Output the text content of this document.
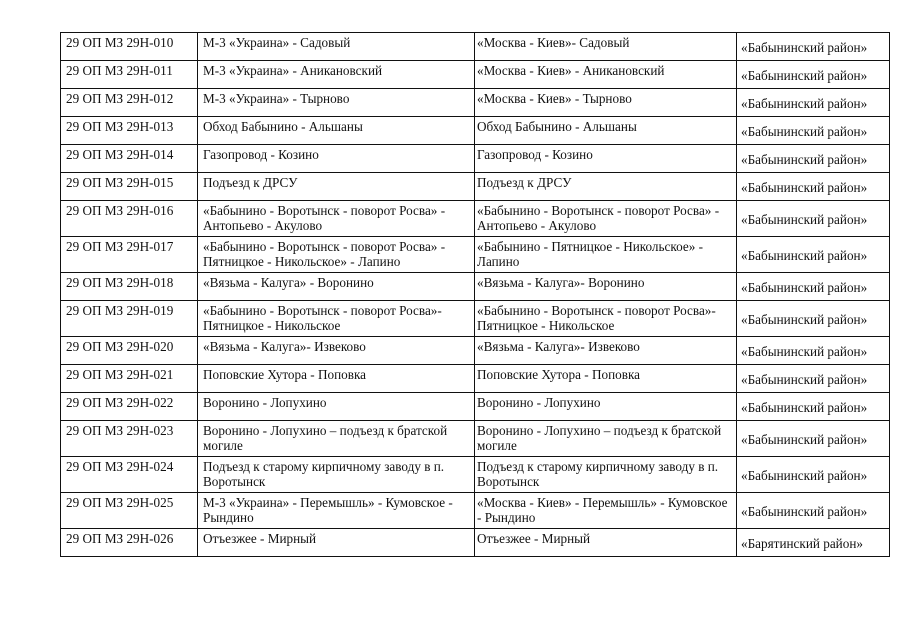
29 ОП МЗ 29Н-010	М-3 «Украина» - Садовый	«Москва - Киев»- Садовый	«Бабынинский район»
29 ОП МЗ 29Н-011	М-3 «Украина» - Аникановский	«Москва - Киев» - Аникановский	«Бабынинский район»
29 ОП МЗ 29Н-012	М-3 «Украина» - Тырново	«Москва - Киев» - Тырново	«Бабынинский район»
29 ОП МЗ 29Н-013	Обход Бабынино - Альшаны	Обход Бабынино - Альшаны	«Бабынинский район»
29 ОП МЗ 29Н-014	Газопровод - Козино	Газопровод - Козино	«Бабынинский район»
29 ОП МЗ 29Н-015	Подъезд к ДРСУ	Подъезд к ДРСУ	«Бабынинский район»
29 ОП МЗ 29Н-016	«Бабынино - Воротынск - поворот Росва» - Антопьево - Акулово	«Бабынино - Воротынск - поворот Росва» - Антопьево - Акулово	«Бабынинский район»
29 ОП МЗ 29Н-017	«Бабынино - Воротынск - поворот Росва» - Пятницкое - Никольское» - Лапино	«Бабынино - Пятницкое - Никольское» - Лапино	«Бабынинский район»
29 ОП МЗ 29Н-018	«Вязьма - Калуга» - Воронино	«Вязьма - Калуга»- Воронино	«Бабынинский район»
29 ОП МЗ 29Н-019	«Бабынино - Воротынск - поворот Росва»- Пятницкое - Никольское	«Бабынино - Воротынск - поворот Росва»- Пятницкое - Никольское	«Бабынинский район»
29 ОП МЗ 29Н-020	«Вязьма - Калуга»- Извеково	«Вязьма - Калуга»- Извеково	«Бабынинский район»
29 ОП МЗ 29Н-021	Поповские Хутора - Поповка	Поповские Хутора - Поповка	«Бабынинский район»
29 ОП МЗ 29Н-022	Воронино - Лопухино	Воронино - Лопухино	«Бабынинский район»
29 ОП МЗ 29Н-023	Воронино - Лопухино – подъезд к братской могиле	Воронино - Лопухино – подъезд к братской могиле	«Бабынинский район»
29 ОП МЗ 29Н-024	Подъезд к старому кирпичному заводу в п. Воротынск	Подъезд к старому кирпичному заводу в п. Воротынск	«Бабынинский район»
29 ОП МЗ 29Н-025	М-3 «Украина» - Перемышль» - Кумовское - Рындино	«Москва - Киев» - Перемышль» - Кумовское - Рындино	«Бабынинский район»
29 ОП МЗ 29Н-026	Отъезжее - Мирный	Отъезжее - Мирный	«Барятинский район»
